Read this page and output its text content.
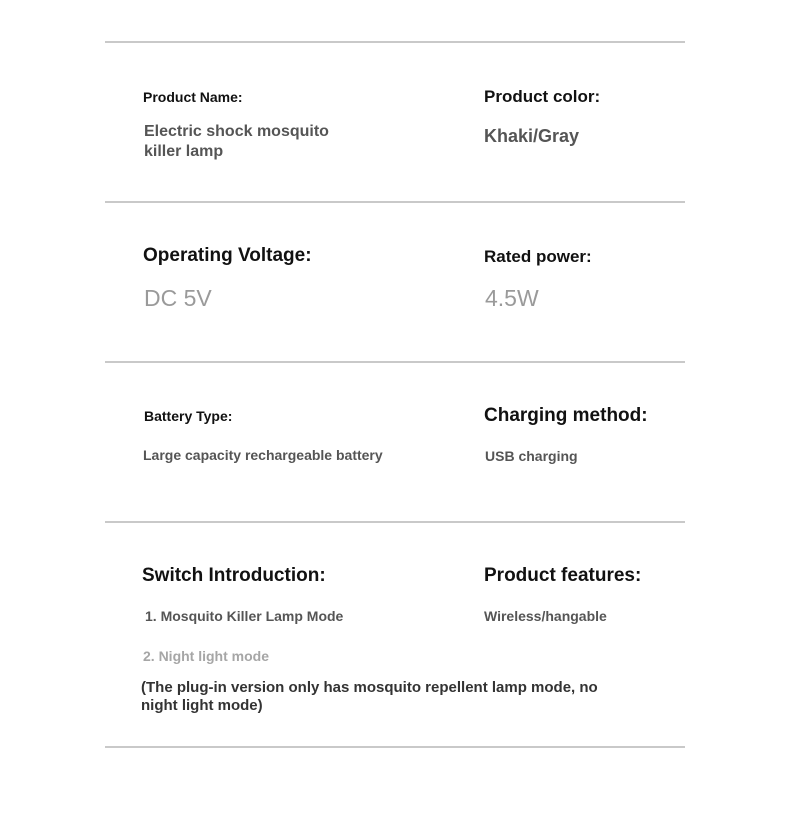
Product Name:
Electric shock mosquito killer lamp
Product color:
Khaki/Gray
Operating Voltage:
DC 5V
Rated power:
4.5W
Battery Type:
Large capacity rechargeable battery
Charging method:
USB charging
Switch Introduction:
1. Mosquito Killer Lamp Mode
2. Night light mode
(The plug-in version only has mosquito repellent lamp mode, no night light mode)
Product features:
Wireless/hangable
